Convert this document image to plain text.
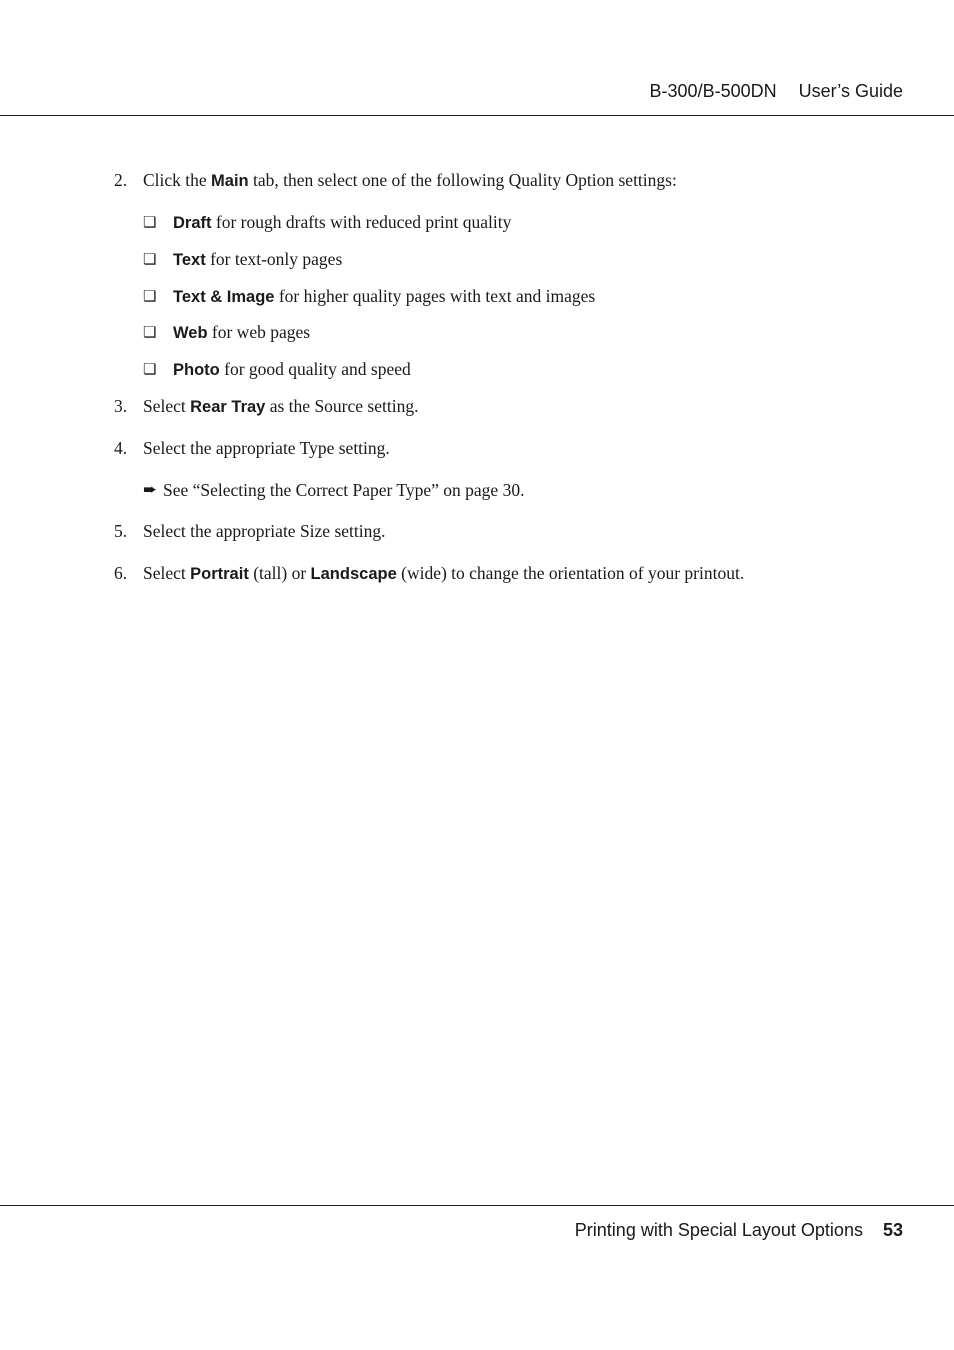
B-300/B-500DN User’s Guide
2. Click the Main tab, then select one of the following Quality Option settings:
❏ Draft for rough drafts with reduced print quality
❏ Text for text-only pages
❏ Text & Image for higher quality pages with text and images
❏ Web for web pages
❏ Photo for good quality and speed
3. Select Rear Tray as the Source setting.
4. Select the appropriate Type setting.
➨ See “Selecting the Correct Paper Type” on page 30.
5. Select the appropriate Size setting.
6. Select Portrait (tall) or Landscape (wide) to change the orientation of your printout.
Printing with Special Layout Options 53
